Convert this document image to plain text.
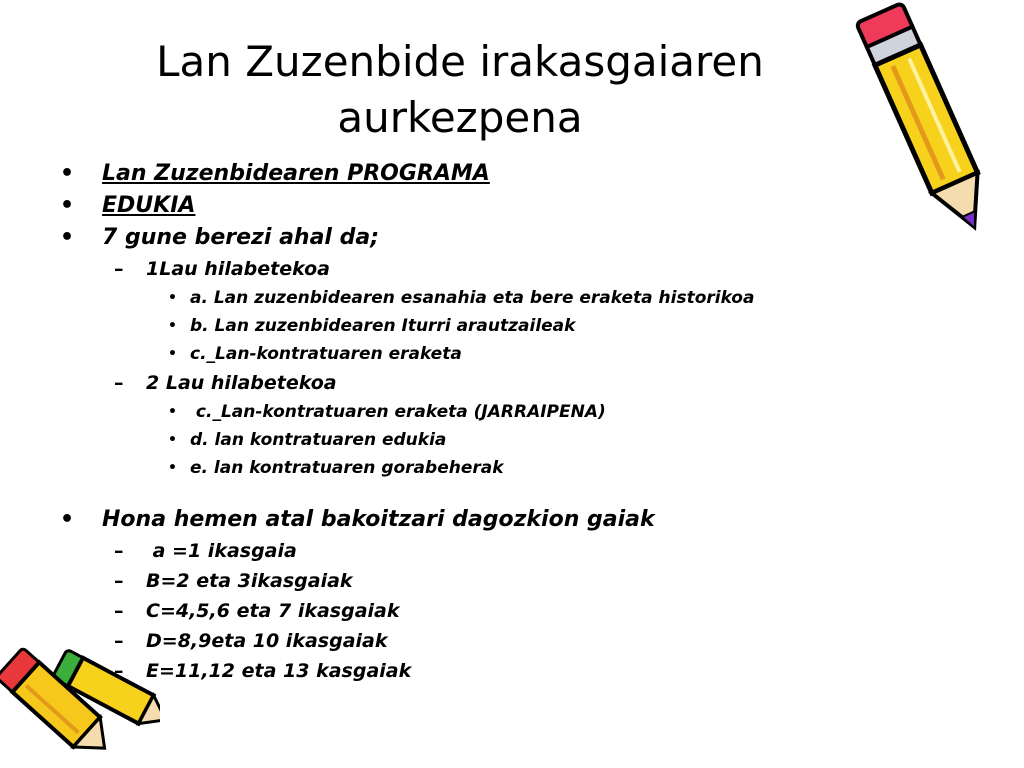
Lan Zuzenbide irakasgaiaren
aurkezpena
• Lan Zuzenbidearen PROGRAMA
• EDUKIA
• 7 gune berezi ahal da;
– 1Lau hilabetekoa
• a. Lan zuzenbidearen esanahia eta bere eraketa historikoa
• b. Lan zuzenbidearen Iturri arautzaileak
• c._Lan-kontratuaren eraketa
– 2 Lau hilabetekoa
• c._Lan-kontratuaren eraketa (JARRAIPENA)
• d. lan kontratuaren edukia
• e. lan kontratuaren gorabeherak
• Hona hemen atal bakoitzari dagozkion gaiak
– a =1 ikasgaia
– B=2 eta 3ikasgaiak
– C=4,5,6 eta 7 ikasgaiak
– D=8,9eta 10 ikasgaiak
– E=11,12 eta 13 kasgaiak
